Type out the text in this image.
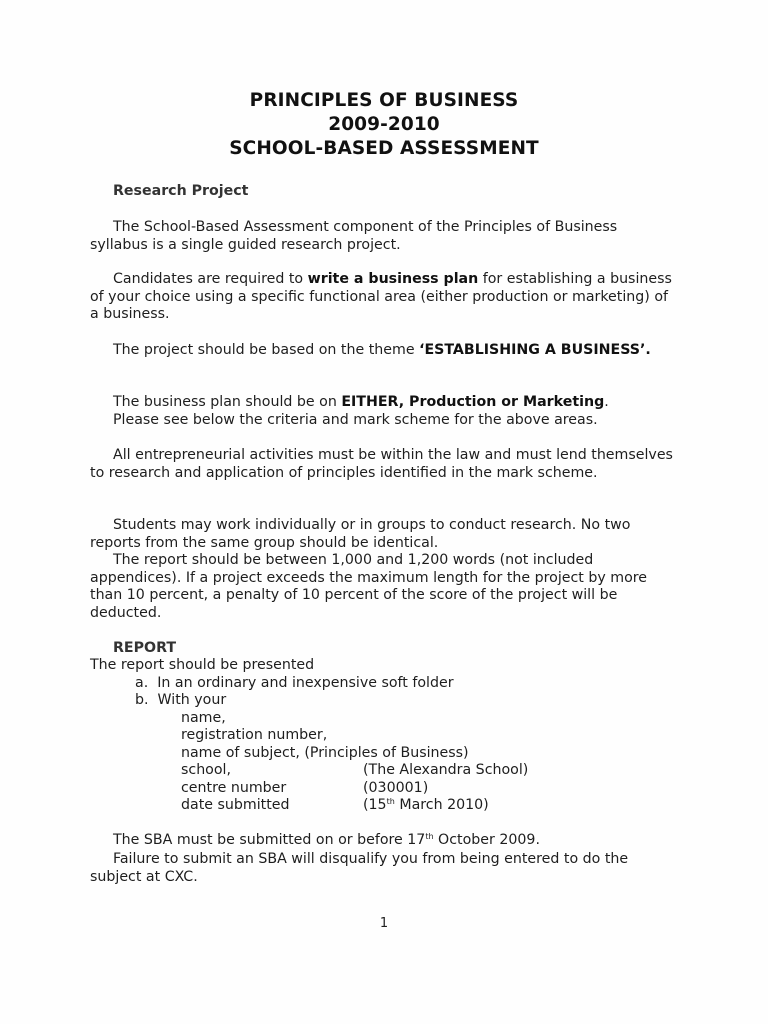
PRINCIPLES OF BUSINESS
2009-2010
SCHOOL-BASED ASSESSMENT
Research Project
The School-Based Assessment component of the Principles of Business syllabus is a single guided research project.
Candidates are required to write a business plan for establishing a business of your choice using a specific functional area (either production or marketing) of a business.
The project should be based on the theme ‘ESTABLISHING A BUSINESS’.
The business plan should be on EITHER, Production or Marketing.
Please see below the criteria and mark scheme for the above areas.
All entrepreneurial activities must be within the law and must lend themselves to research and application of principles identified in the mark scheme.
Students may work individually or in groups to conduct research. No two reports from the same group should be identical.
The report should be between 1,000 and 1,200 words (not included appendices). If a project exceeds the maximum length for the project by more than 10 percent, a penalty of 10 percent of the score of the project will be deducted.
REPORT
The report should be presented
a. In an ordinary and inexpensive soft folder
b. With your
name,
registration number,
name of subject, (Principles of Business)
school,	(The Alexandra School)
centre number	(030001)
date submitted	(15th March 2010)
The SBA must be submitted on or before 17th October 2009.
Failure to submit an SBA will disqualify you from being entered to do the subject at CXC.
1
